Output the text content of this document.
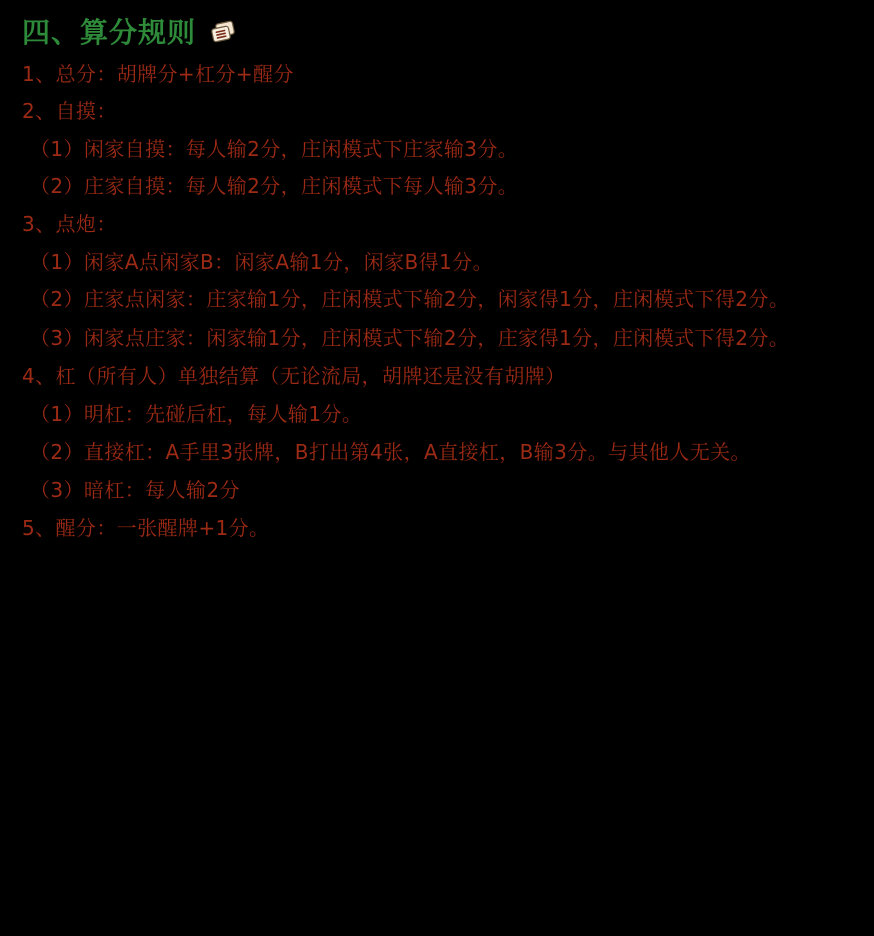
四、算分规则
1、总分：胡牌分+杠分+醒分
2、自摸：
（1）闲家自摸：每人输2分，庄闲模式下庄家输3分。
（2）庄家自摸：每人输2分，庄闲模式下每人输3分。
3、点炮：
（1）闲家A点闲家B：闲家A输1分，闲家B得1分。
（2）庄家点闲家：庄家输1分，庄闲模式下输2分，闲家得1分，庄闲模式下得2分。
（3）闲家点庄家：闲家输1分，庄闲模式下输2分，庄家得1分，庄闲模式下得2分。
4、杠（所有人）单独结算（无论流局，胡牌还是没有胡牌）
（1）明杠：先碰后杠，每人输1分。
（2）直接杠：A手里3张牌，B打出第4张，A直接杠，B输3分。与其他人无关。
（3）暗杠：每人输2分
5、醒分：一张醒牌+1分。
